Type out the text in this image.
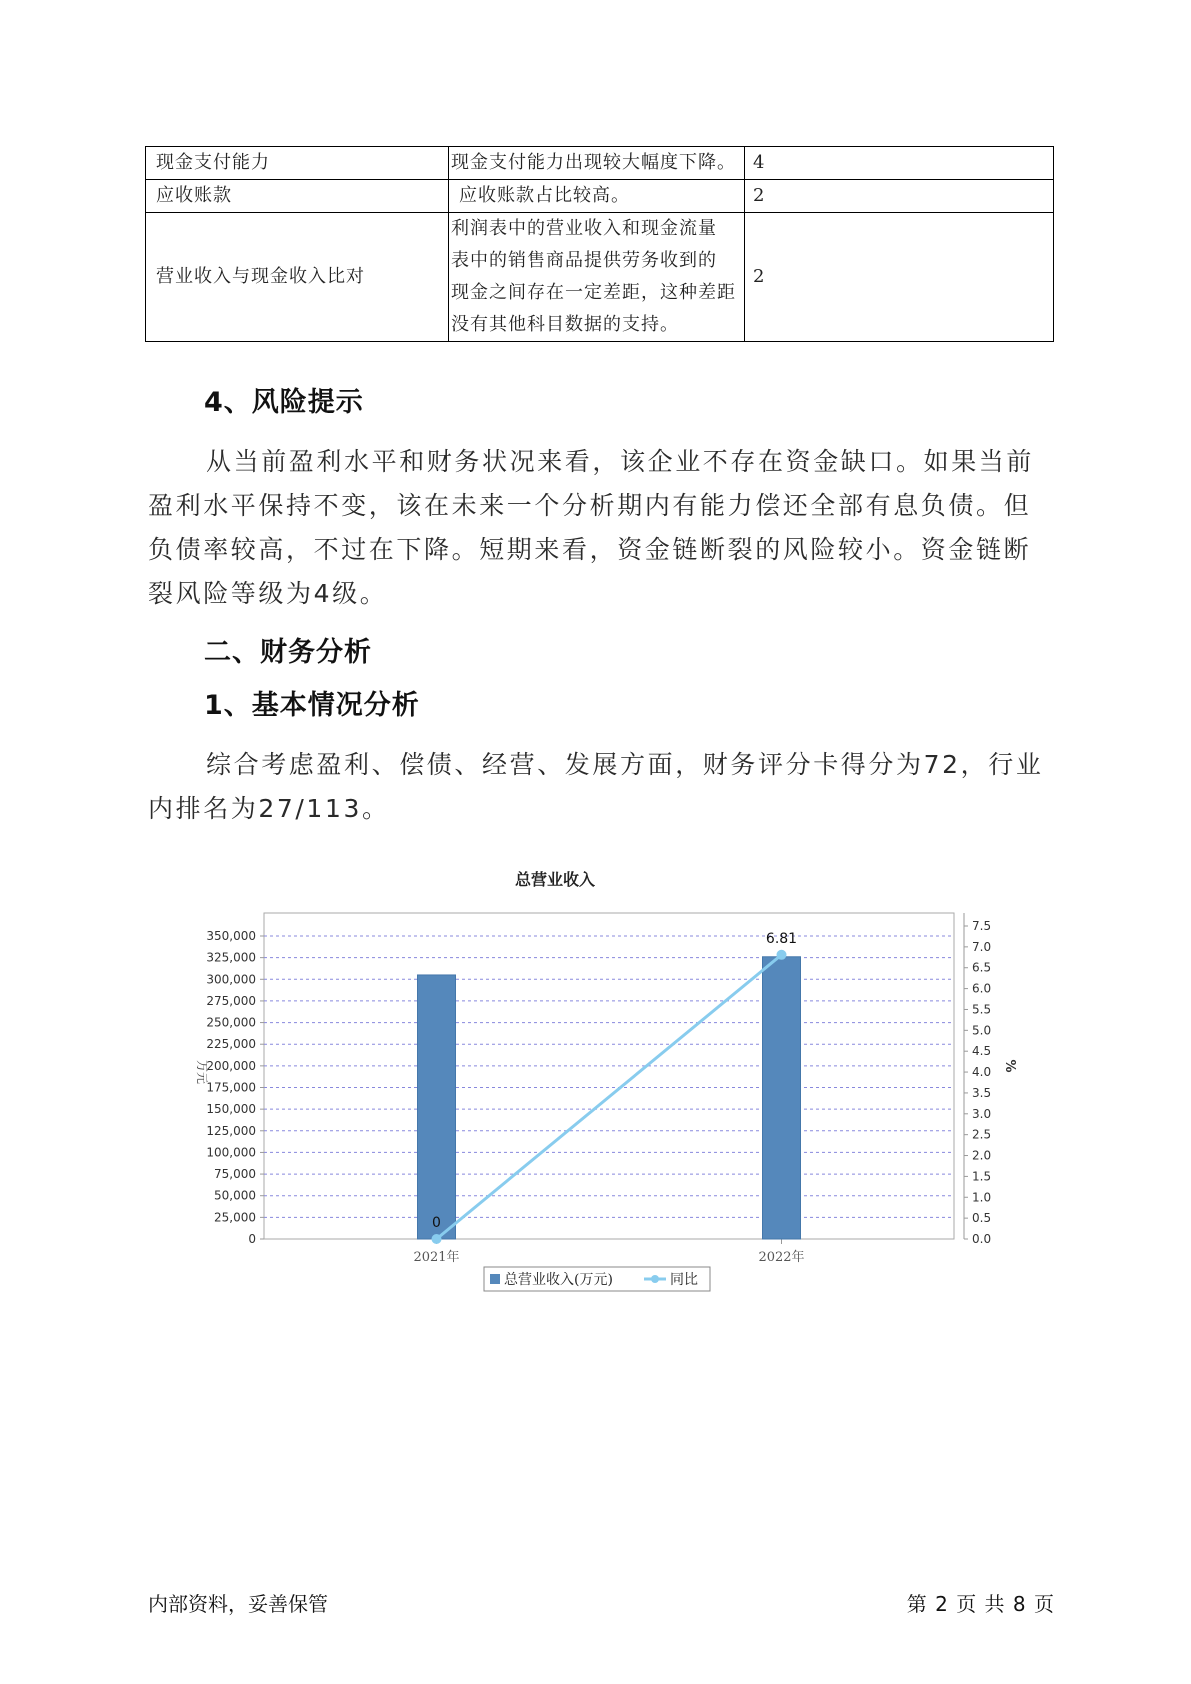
现金支付能力	现金支付能力出现较大幅度下降。	4
应收账款	应收账款占比较高。	2
营业收入与现金收入比对	利润表中的营业收入和现金流量
表中的销售商品提供劳务收到的
现金之间存在一定差距，这种差距
没有其他科目数据的支持。	2
4、风险提示
从当前盈利水平和财务状况来看，该企业不存在资金缺口。如果当前盈利水平保持不变，该在未来一个分析期内有能力偿还全部有息负债。但负债率较高，不过在下降。短期来看，资金链断裂的风险较小。资金链断裂风险等级为4级。
二、财务分析
1、基本情况分析
综合考虑盈利、偿债、经营、发展方面，财务评分卡得分为72，行业内排名为27/113。
总营业收入
0
25,000
50,000
75,000
100,000
125,000
150,000
175,000
200,000
225,000
250,000
275,000
300,000
325,000
350,000
0.0
0.5
1.0
1.5
2.0
2.5
3.0
3.5
4.0
4.5
5.0
5.5
6.0
6.5
7.0
7.5
万元	%
2021年	2022年
0
6.81
总营业收入(万元)	同比
内部资料，妥善保管	第 2 页 共 8 页
